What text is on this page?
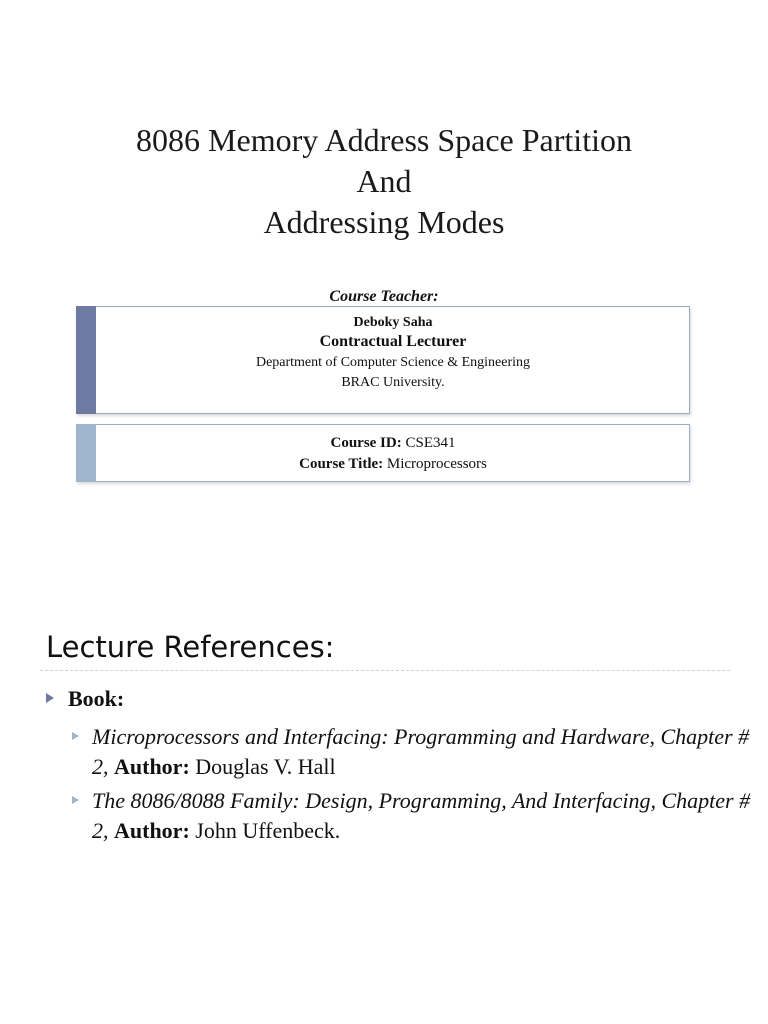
8086 Memory Address Space Partition
And
Addressing Modes
Course Teacher:
Deboky Saha
Contractual Lecturer
Department of Computer Science & Engineering
BRAC University.
Course ID: CSE341
Course Title: Microprocessors
Lecture References:
Book:
Microprocessors and Interfacing: Programming and Hardware, Chapter # 2, Author: Douglas V. Hall
The 8086/8088 Family: Design, Programming, And Interfacing, Chapter # 2, Author: John Uffenbeck.
